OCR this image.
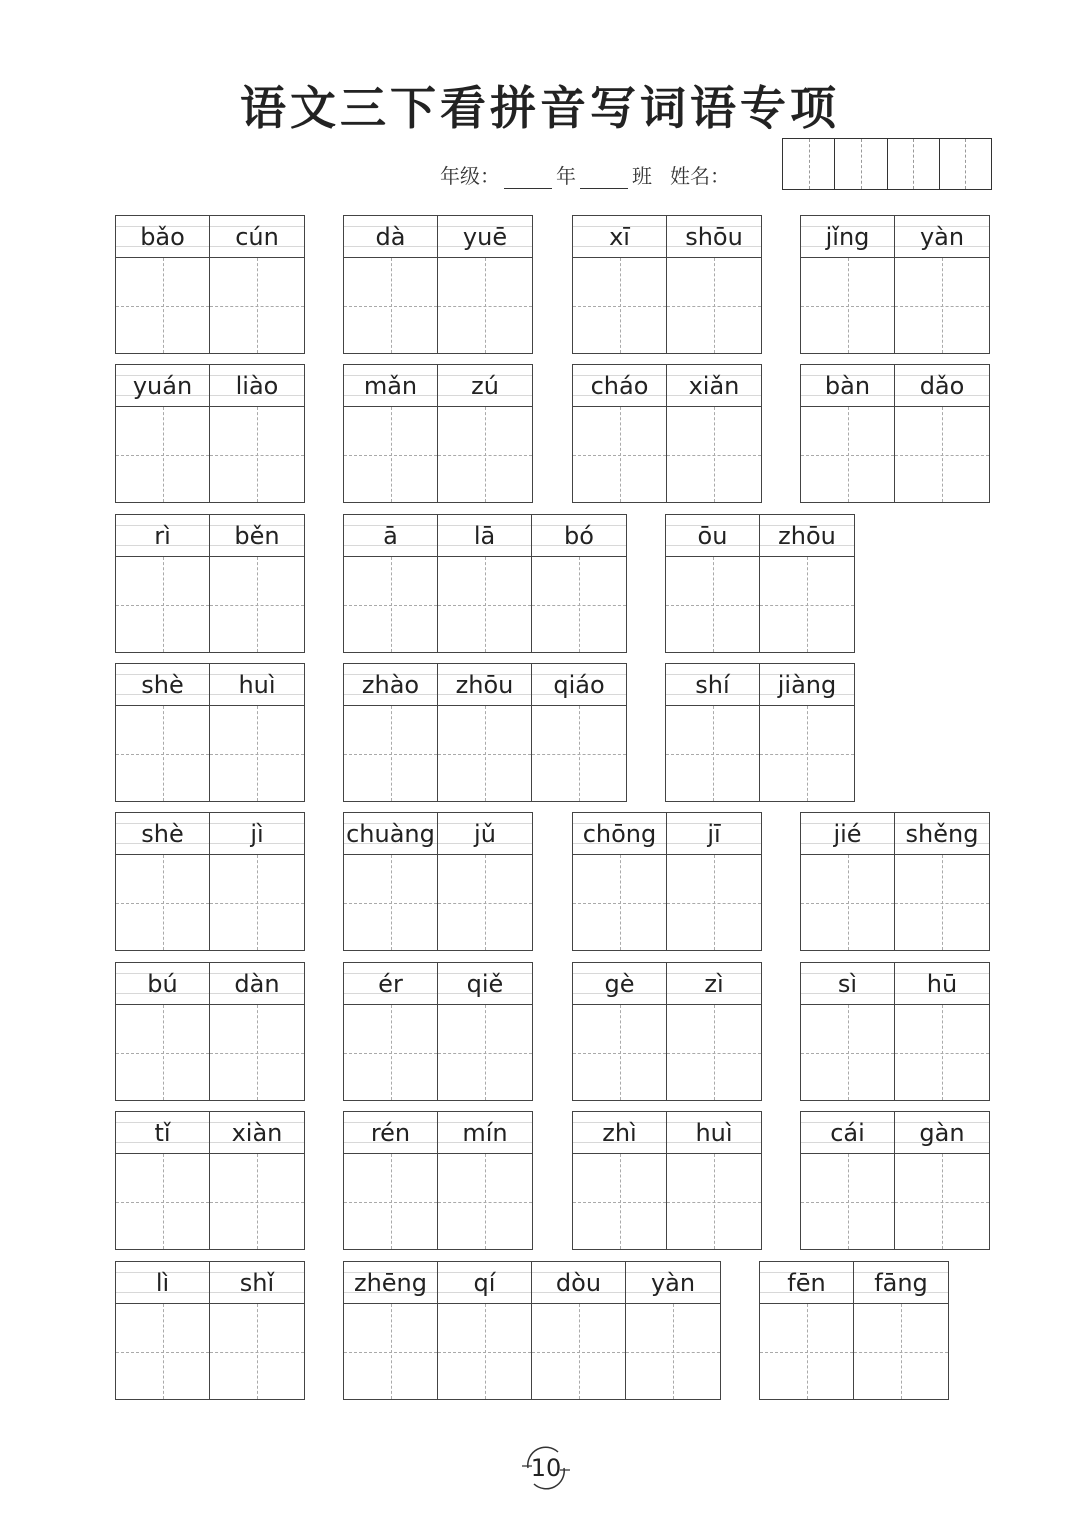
语文三下看拼音写词语专项
年级：	年	班 姓名：
bǎo	cún	dà	yuē	xī	shōu	jǐng	yàn
yuán	liào	mǎn	zú	cháo	xiǎn	bàn	dǎo
rì	běn	ā	lā	bó	ōu	zhōu
shè	huì	zhào	zhōu	qiáo	shí	jiàng
shè	jì	chuàng	jǔ	chōng	jī	jié	shěng
bú	dàn	ér	qiě	gè	zì	sì	hū
tǐ	xiàn	rén	mín	zhì	huì	cái	gàn
lì	shǐ	zhēng	qí	dòu	yàn	fēn	fāng
10
